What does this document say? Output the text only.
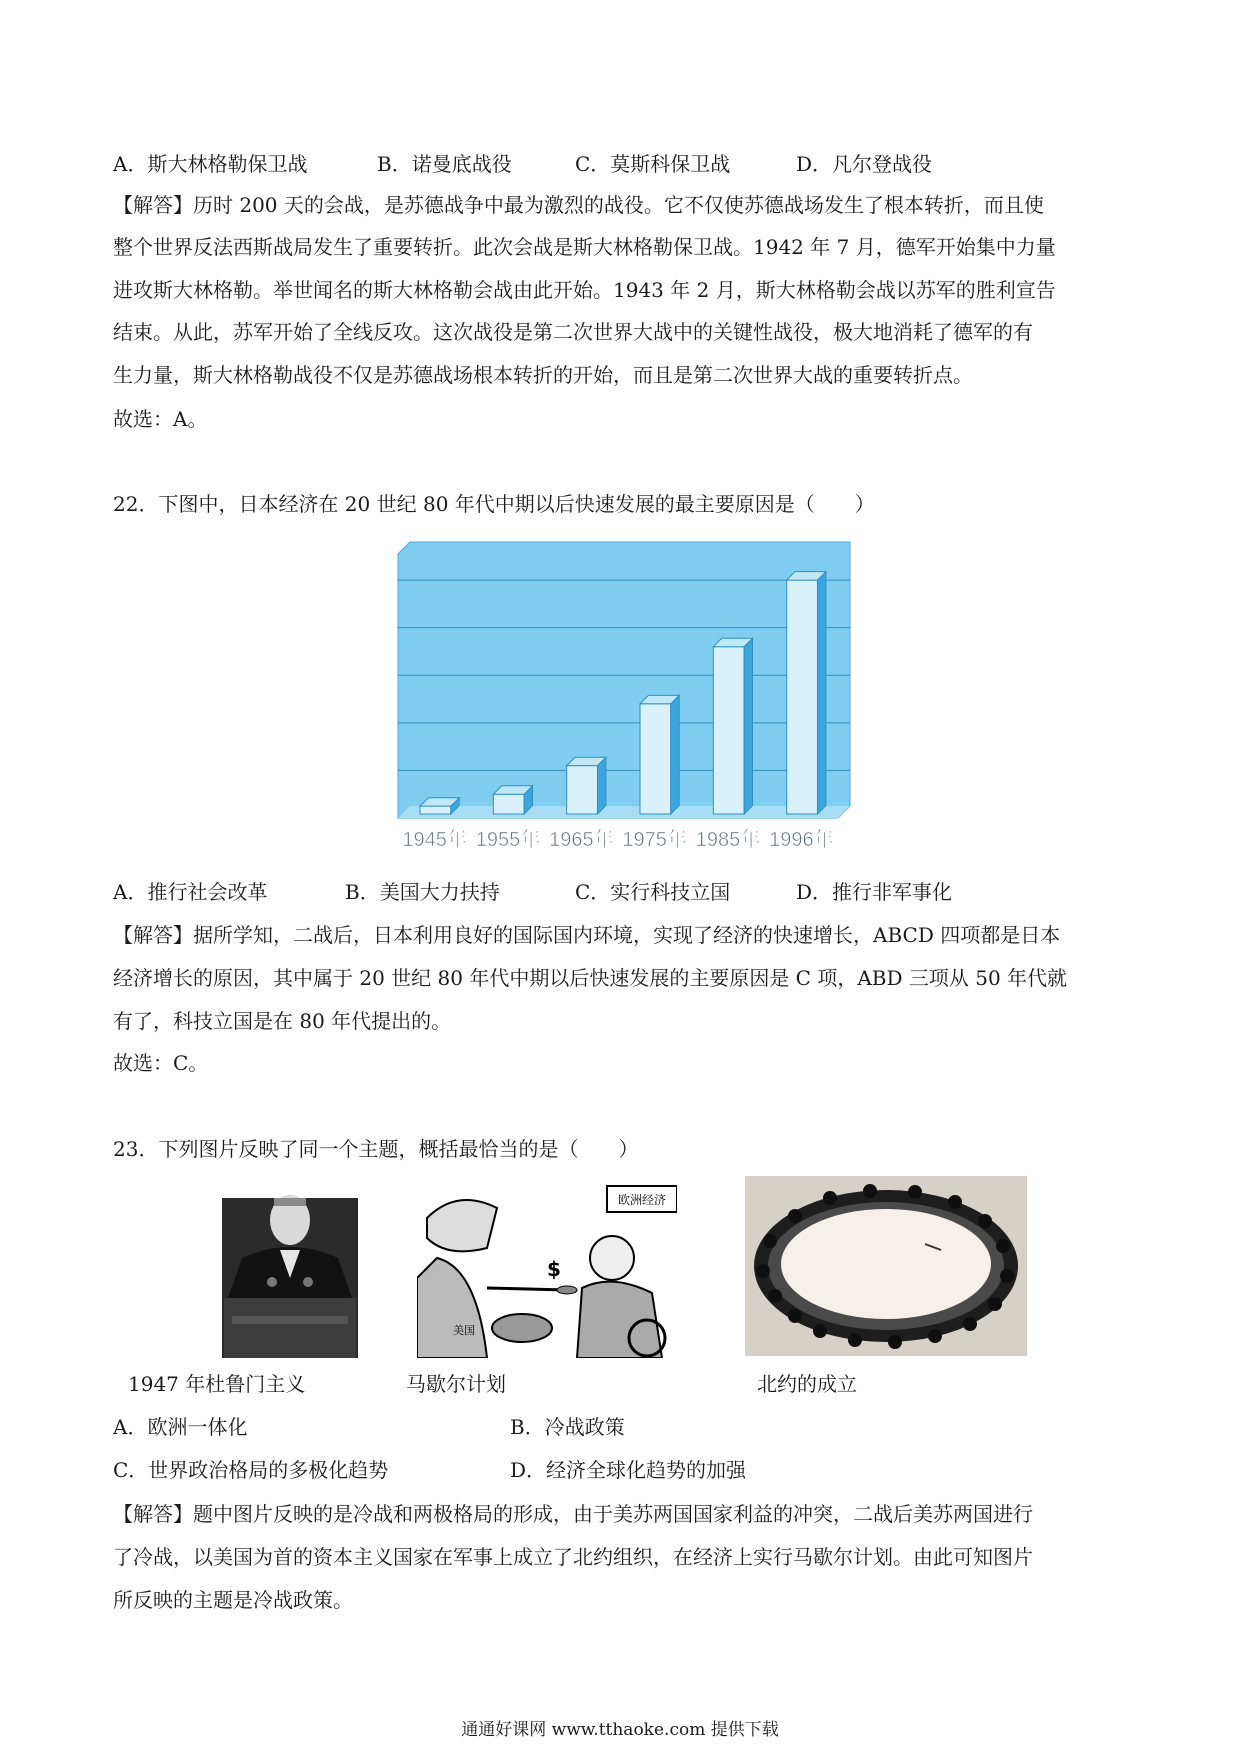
A．斯大林格勒保卫战	B．诺曼底战役	C．莫斯科保卫战	D．凡尔登战役
【解答】历时 200 天的会战，是苏德战争中最为激烈的战役。它不仅使苏德战场发生了根本转折，而且使
整个世界反法西斯战局发生了重要转折。此次会战是斯大林格勒保卫战。1942 年 7 月，德军开始集中力量
进攻斯大林格勒。举世闻名的斯大林格勒会战由此开始。1943 年 2 月，斯大林格勒会战以苏军的胜利宣告
结束。从此，苏军开始了全线反攻。这次战役是第二次世界大战中的关键性战役，极大地消耗了德军的有
生力量，斯大林格勒战役不仅是苏德战场根本转折的开始，而且是第二次世界大战的重要转折点。
故选：A。
22．下图中，日本经济在 20 世纪 80 年代中期以后快速发展的最主要原因是（　　）
1945年 1955年 1965年 1975年 1985年 1996年
A．推行社会改革	B．美国大力扶持	C．实行科技立国	D．推行非军事化
【解答】据所学知，二战后，日本利用良好的国际国内环境，实现了经济的快速增长，ABCD 四项都是日本
经济增长的原因，其中属于 20 世纪 80 年代中期以后快速发展的主要原因是 C 项，ABD 三项从 50 年代就
有了，科技立国是在 80 年代提出的。
故选：C。
23．下列图片反映了同一个主题，概括最恰当的是（　　）
欧洲经济
$
美国
1947 年杜鲁门主义	马歇尔计划	北约的成立
A．欧洲一体化	B．冷战政策
C．世界政治格局的多极化趋势	D．经济全球化趋势的加强
【解答】题中图片反映的是冷战和两极格局的形成，由于美苏两国国家利益的冲突，二战后美苏两国进行
了冷战，以美国为首的资本主义国家在军事上成立了北约组织，在经济上实行马歇尔计划。由此可知图片
所反映的主题是冷战政策。
通通好课网 www.tthaoke.com 提供下载
